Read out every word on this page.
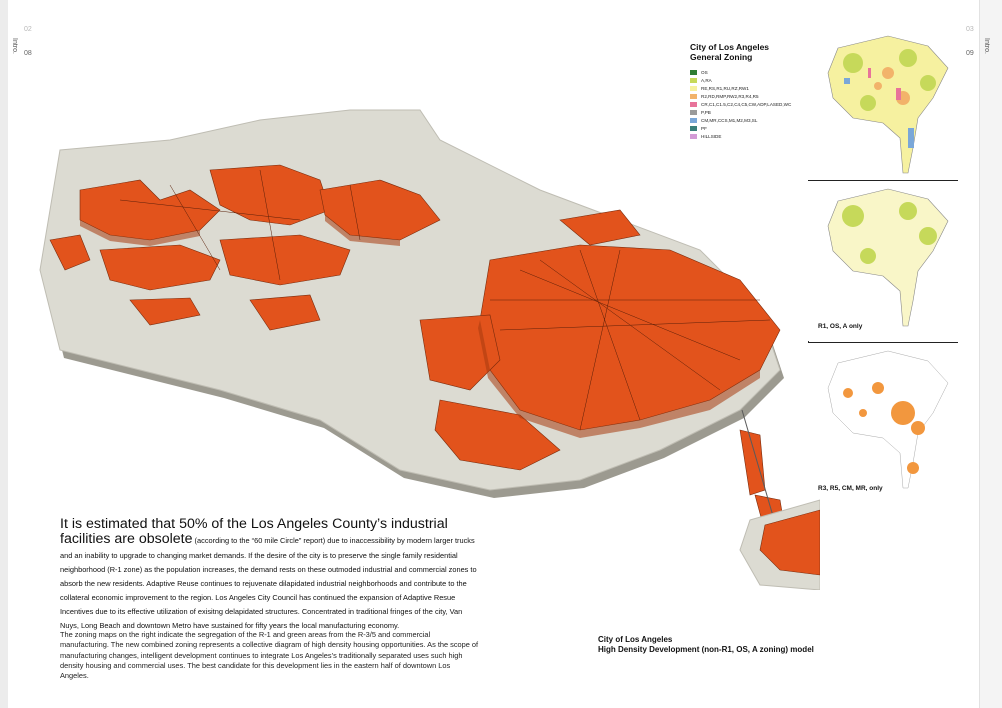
02
Intro. 08
03
Intro.
09
R1, OS, A only
R3, R5, CM, MR, only
City of Los Angeles
General Zoning
OS
A,RA
RE,RS,R1,RU,RZ,RW1
R2,RD,RMP,RW2,R3,R4,R5
CR,C1,C1.5,C2,C4,C5,CW,ADP,LASED,WC
P,PB
CM,MR,CCS,M1,M2,M3,SL
PF
HILLSIDE
It is estimated that 50% of the Los Angeles County’s industrial facilities are obsolete (according to the “60 mile Circle” report) due to inaccessibility by modern larger trucks and an inability to upgrade to changing market demands. If the desire of the city is to preserve the single family residential neighborhood (R-1 zone) as the population increases, the demand rests on these outmoded industrial and commercial zones to absorb the new residents. Adaptive Reuse continues to rejuvenate dilapidated industrial neighborhoods and contribute to the collateral economic improvement to the region. Los Angeles City Council has continued the expansion of Adaptive Resue Incentives due to its effective utilization of exisitng delapidated structures. Concentrated in traditional fringes of the city, Van Nuys, Long Beach and downtown Metro have sustained for fifty years the local manufacturing economy.

The zoning maps on the right indicate the segregation of the R-1 and green areas from the R-3/5 and commercial manufacturing. The new combined zoning represents a collective diagram of high density housing opportunities. As the scope of manufacturing changes, intelligent development continues to integrate Los Angeles’s traditionally separated uses such high density housing and commercial uses. The best candidate for this development lies in the eastern half of downtown Los Angeles.

City of Los Angeles
High Density Development (non-R1, OS, A zoning) model
